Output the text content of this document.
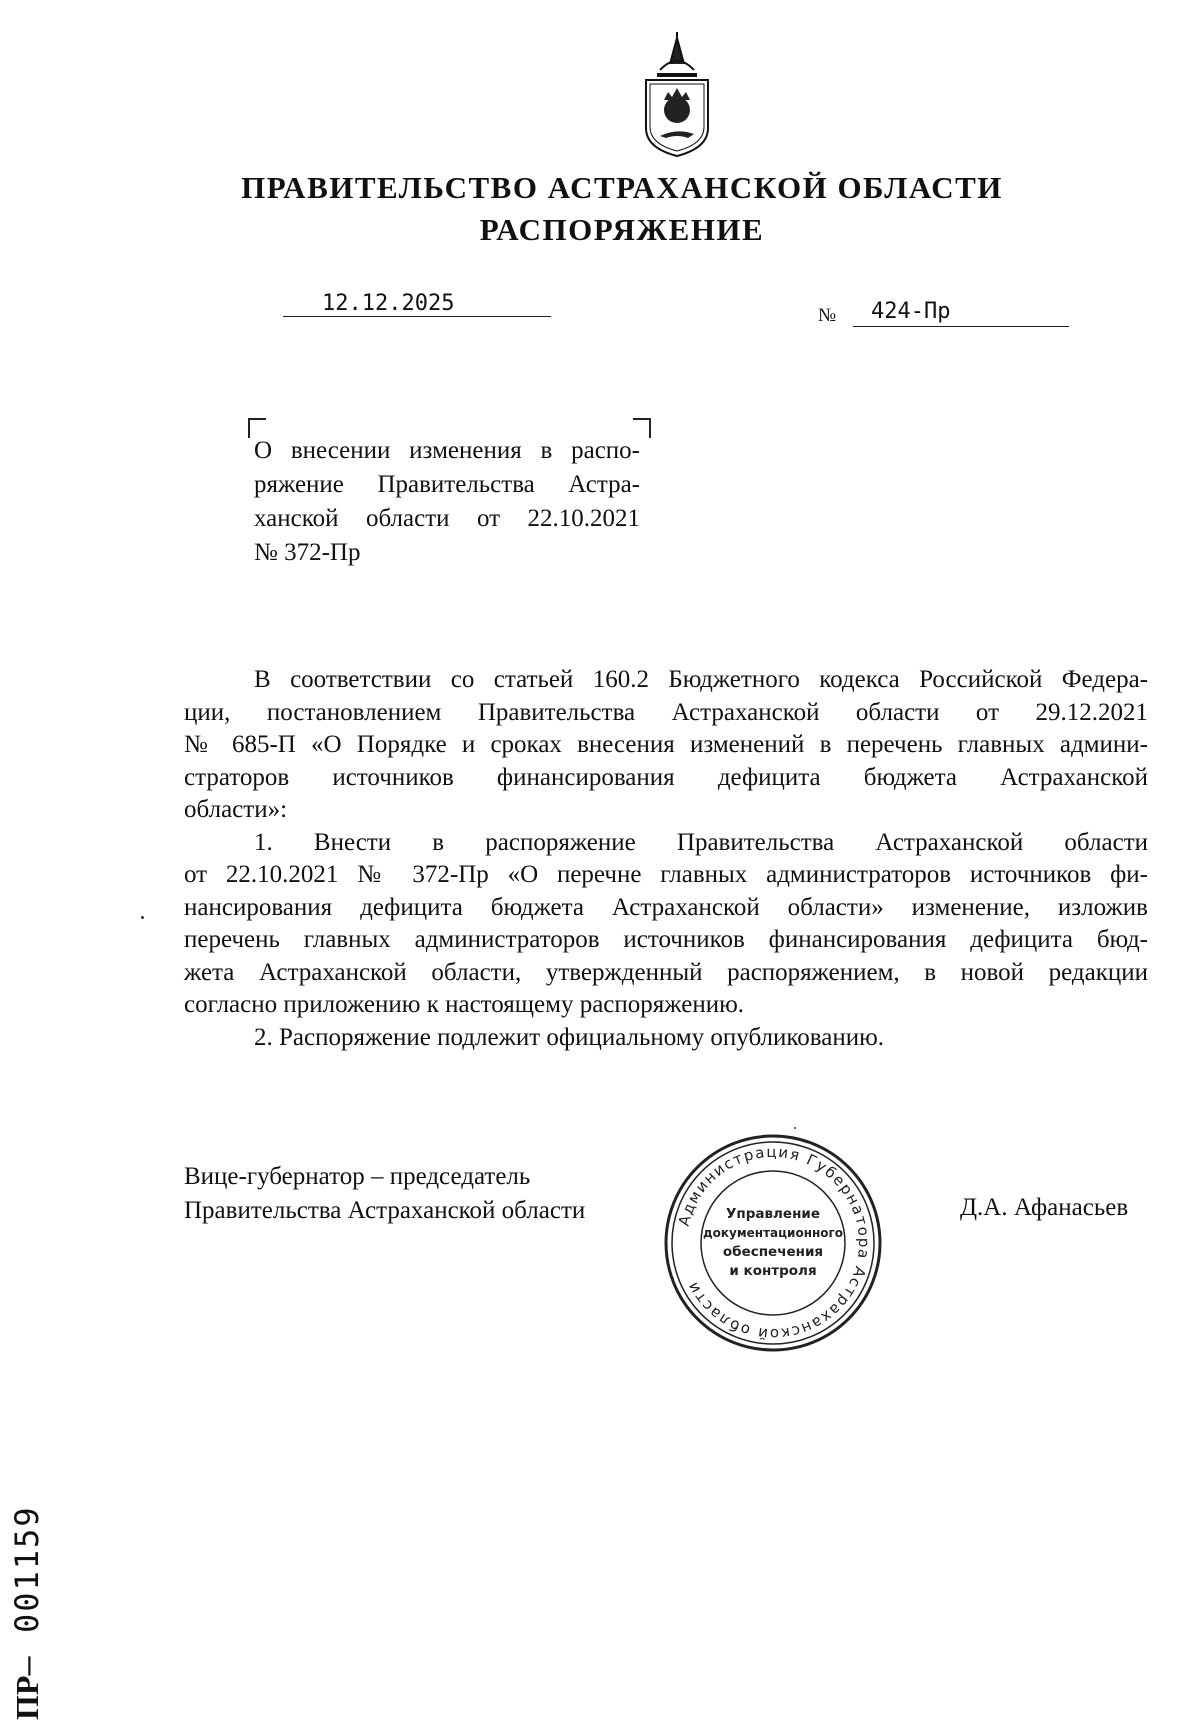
ПРАВИТЕЛЬСТВО АСТРАХАНСКОЙ ОБЛАСТИ
РАСПОРЯЖЕНИЕ
12.12.2025	№ 424-Пр
О внесении изменения в распо-
ряжение Правительства Астра-
ханской области от 22.10.2021
№ 372-Пр
В соответствии со статьей 160.2 Бюджетного кодекса Российской Федера-
ции, постановлением Правительства Астраханской области от 29.12.2021
№ 685-П «О Порядке и сроках внесения изменений в перечень главных админи-
страторов источников финансирования дефицита бюджета Астраханской
области»:
1. Внести в распоряжение Правительства Астраханской области
от 22.10.2021 № 372-Пр «О перечне главных администраторов источников фи-
нансирования дефицита бюджета Астраханской области» изменение, изложив
перечень главных администраторов источников финансирования дефицита бюд-
жета Астраханской области, утвержденный распоряжением, в новой редакции
согласно приложению к настоящему распоряжению.
2. Распоряжение подлежит официальному опубликованию.
Вице-губернатор – председатель
Правительства Астраханской области	Д.А. Афанасьев
Администрация Губернатора Астраханской области
Управление
документационного
обеспечения
и контроля
ПР– 001159
